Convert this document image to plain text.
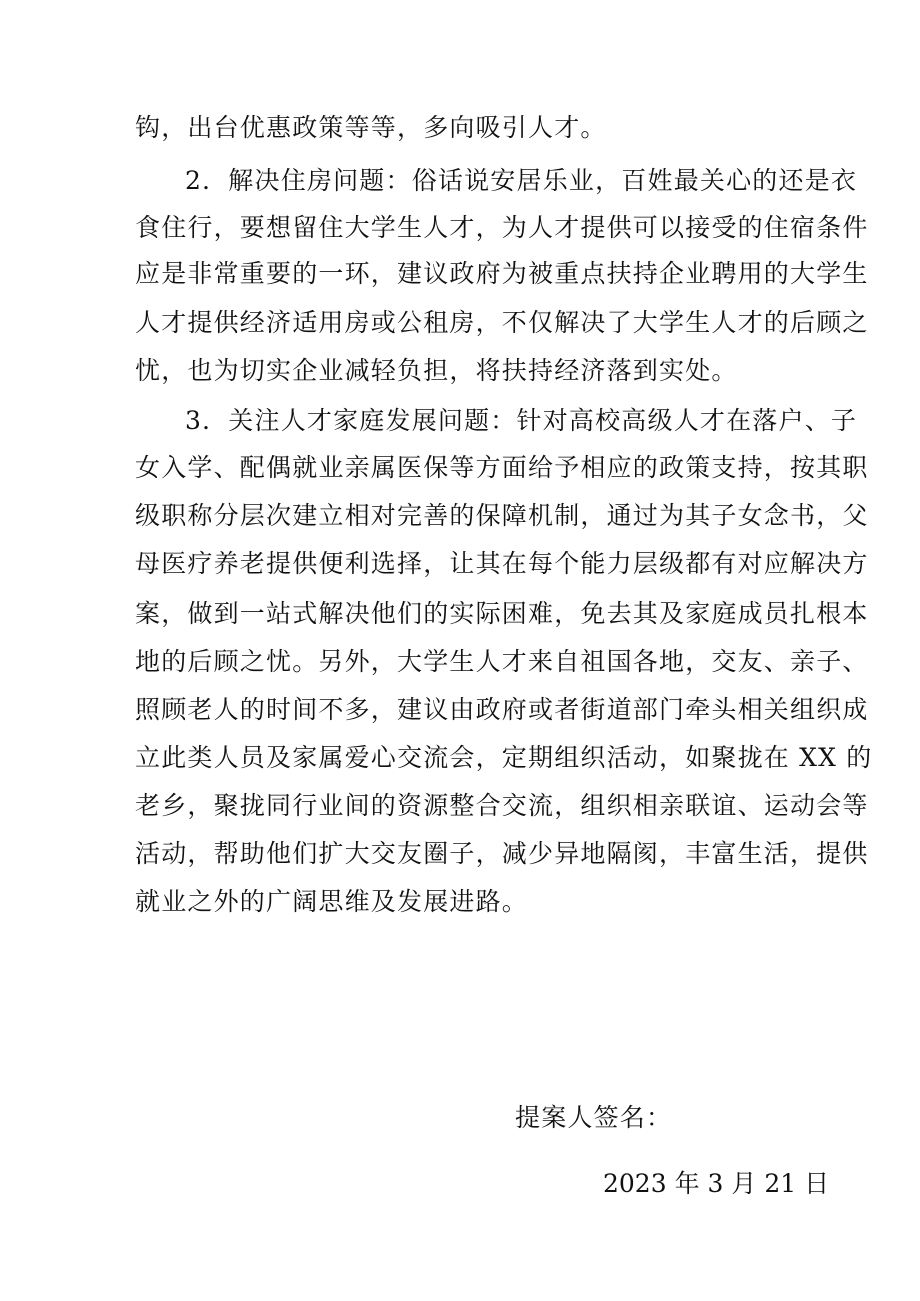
钩，出台优惠政策等等，多向吸引人才。
2．解决住房问题：俗话说安居乐业，百姓最关心的还是衣
食住行，要想留住大学生人才，为人才提供可以接受的住宿条件
应是非常重要的一环，建议政府为被重点扶持企业聘用的大学生
人才提供经济适用房或公租房，不仅解决了大学生人才的后顾之
忧，也为切实企业减轻负担，将扶持经济落到实处。
3．关注人才家庭发展问题：针对高校高级人才在落户、子
女入学、配偶就业亲属医保等方面给予相应的政策支持，按其职
级职称分层次建立相对完善的保障机制，通过为其子女念书，父
母医疗养老提供便利选择，让其在每个能力层级都有对应解决方
案，做到一站式解决他们的实际困难，免去其及家庭成员扎根本
地的后顾之忧。另外，大学生人才来自祖国各地，交友、亲子、
照顾老人的时间不多，建议由政府或者街道部门牵头相关组织成
立此类人员及家属爱心交流会，定期组织活动，如聚拢在 XX 的
老乡，聚拢同行业间的资源整合交流，组织相亲联谊、运动会等
活动，帮助他们扩大交友圈子，减少异地隔阂，丰富生活，提供
就业之外的广阔思维及发展进路。
提案人签名：
2023 年 3 月 21 日
